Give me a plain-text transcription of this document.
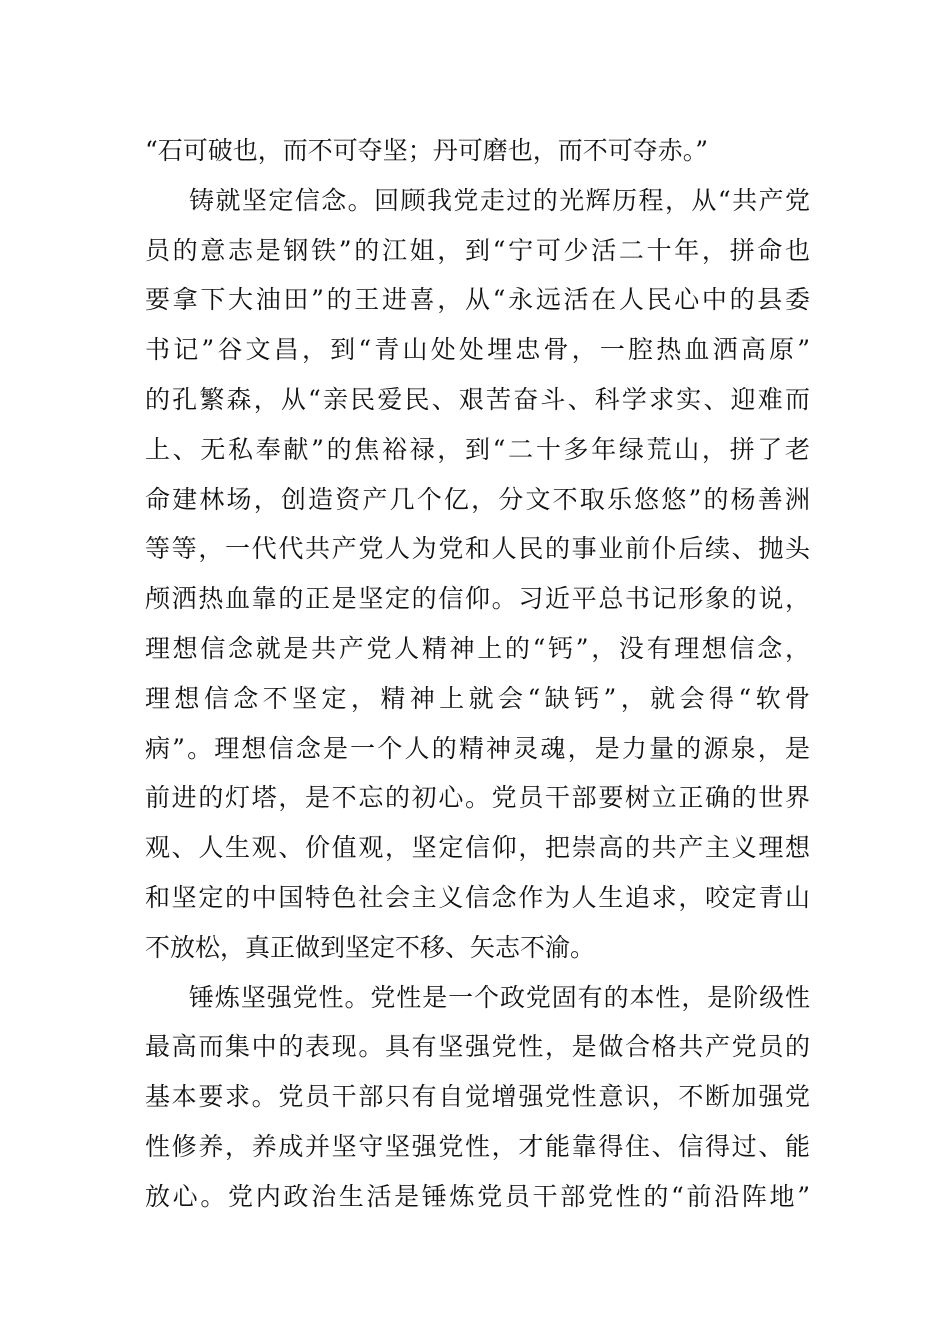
“石可破也，而不可夺坚；丹可磨也，而不可夺赤。”
铸就坚定信念。回顾我党走过的光辉历程，从“共产党
员的意志是钢铁”的江姐，到“宁可少活二十年，拼命也
要拿下大油田”的王进喜，从“永远活在人民心中的县委
书记”谷文昌，到“青山处处埋忠骨，一腔热血洒高原”
的孔繁森，从“亲民爱民、艰苦奋斗、科学求实、迎难而
上、无私奉献”的焦裕禄，到“二十多年绿荒山，拼了老
命建林场，创造资产几个亿，分文不取乐悠悠”的杨善洲
等等，一代代共产党人为党和人民的事业前仆后续、抛头
颅洒热血靠的正是坚定的信仰。习近平总书记形象的说，
理想信念就是共产党人精神上的“钙”，没有理想信念，
理想信念不坚定，精神上就会“缺钙”，就会得“软骨
病”。理想信念是一个人的精神灵魂，是力量的源泉，是
前进的灯塔，是不忘的初心。党员干部要树立正确的世界
观、人生观、价值观，坚定信仰，把崇高的共产主义理想
和坚定的中国特色社会主义信念作为人生追求，咬定青山
不放松，真正做到坚定不移、矢志不渝。
锤炼坚强党性。党性是一个政党固有的本性，是阶级性
最高而集中的表现。具有坚强党性，是做合格共产党员的
基本要求。党员干部只有自觉增强党性意识，不断加强党
性修养，养成并坚守坚强党性，才能靠得住、信得过、能
放心。党内政治生活是锤炼党员干部党性的“前沿阵地”
